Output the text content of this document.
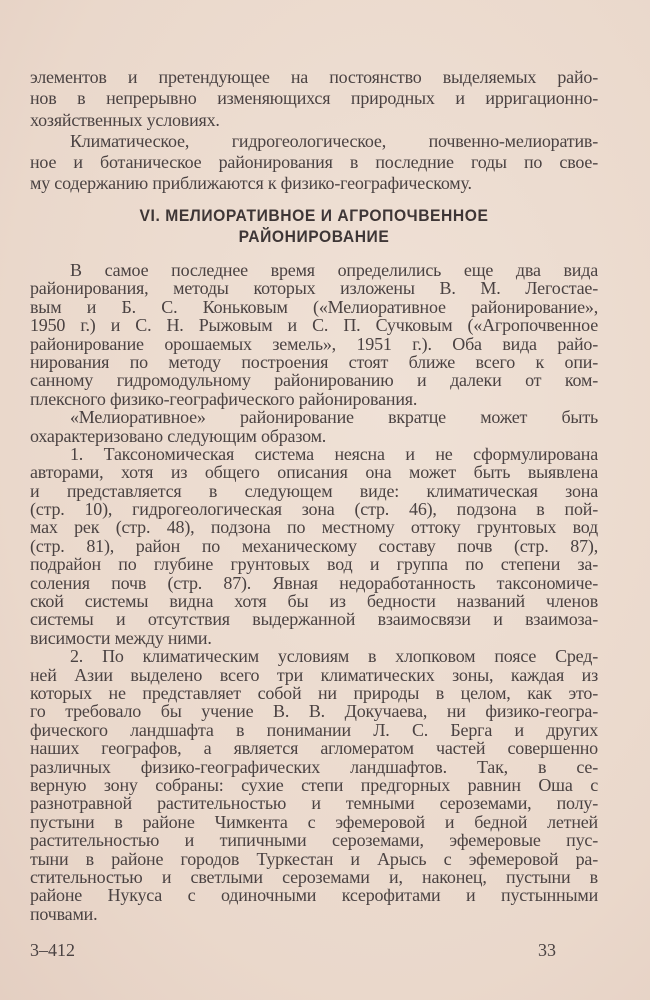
элементов и претендующее на постоянство выделяемых райо-
нов в непрерывно изменяющихся природных и ирригационно-
хозяйственных условиях.
Климатическое, гидрогеологическое, почвенно-мелиоратив-
ное и ботаническое районирования в последние годы по свое-
му содержанию приближаются к физико-географическому.
VI. МЕЛИОРАТИВНОЕ И АГРОПОЧВЕННОЕ
РАЙОНИРОВАНИЕ
В самое последнее время определились еще два вида
районирования, методы которых изложены В. М. Легостае-
вым и Б. С. Коньковым («Мелиоративное районирование»,
1950 г.) и С. Н. Рыжовым и С. П. Сучковым («Агропочвенное
районирование орошаемых земель», 1951 г.). Оба вида райо-
нирования по методу построения стоят ближе всего к опи-
санному гидромодульному районированию и далеки от ком-
плексного физико-географического районирования.
«Мелиоративное» районирование вкратце может быть
охарактеризовано следующим образом.
1. Таксономическая система неясна и не сформулирована
авторами, хотя из общего описания она может быть выявлена
и представляется в следующем виде: климатическая зона
(стр. 10), гидрогеологическая зона (стр. 46), подзона в пой-
мах рек (стр. 48), подзона по местному оттоку грунтовых вод
(стр. 81), район по механическому составу почв (стр. 87),
подрайон по глубине грунтовых вод и группа по степени за-
соления почв (стр. 87). Явная недоработанность таксономиче-
ской системы видна хотя бы из бедности названий членов
системы и отсутствия выдержанной взаимосвязи и взаимоза-
висимости между ними.
2. По климатическим условиям в хлопковом поясе Сред-
ней Азии выделено всего три климатических зоны, каждая из
которых не представляет собой ни природы в целом, как это-
го требовало бы учение В. В. Докучаева, ни физико-геогра-
фического ландшафта в понимании Л. С. Берга и других
наших географов, а является агломератом частей совершенно
различных физико-географических ландшафтов. Так, в се-
верную зону собраны: сухие степи предгорных равнин Оша с
разнотравной растительностью и темными сероземами, полу-
пустыни в районе Чимкента с эфемеровой и бедной летней
растительностью и типичными сероземами, эфемеровые пус-
тыни в районе городов Туркестан и Арысь с эфемеровой ра-
стительностью и светлыми сероземами и, наконец, пустыни в
районе Нукуса с одиночными ксерофитами и пустынными
почвами.
3–412	33
